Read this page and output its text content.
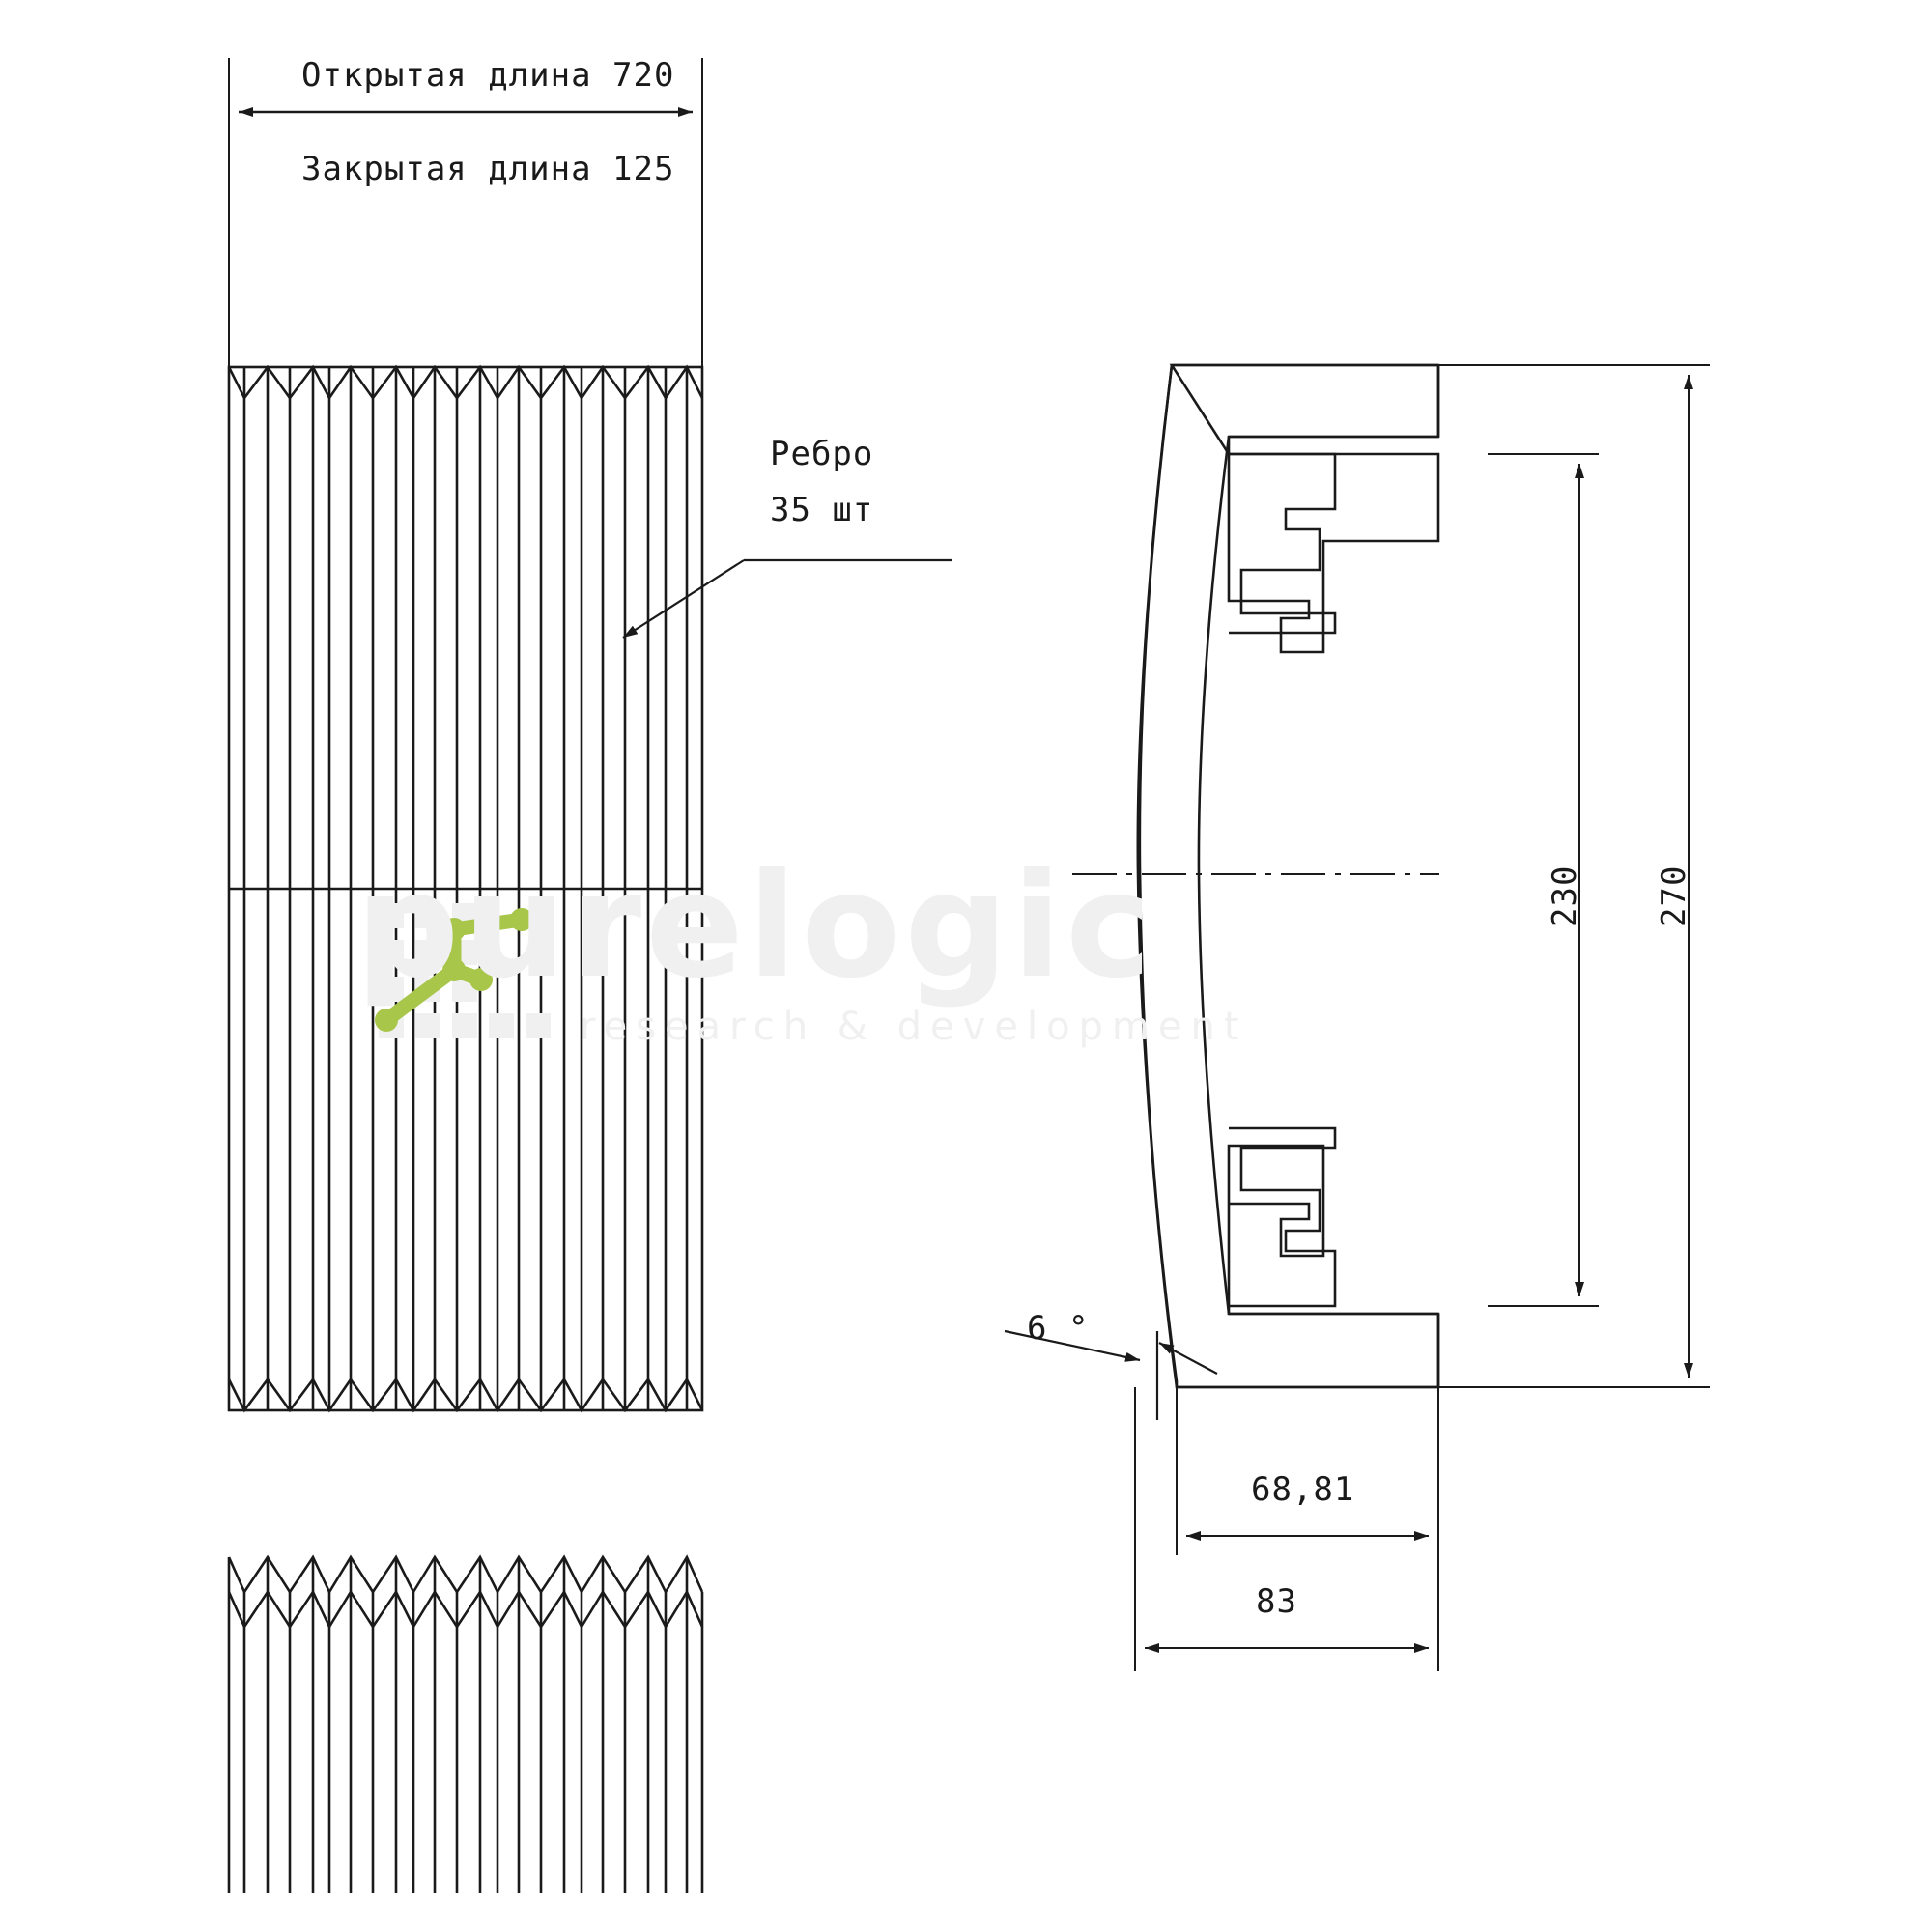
Открытая длина 720
Закрытая длина 125
Ребро
35 шт
6 °
230 270
68,81
83
purelogic
research & development
